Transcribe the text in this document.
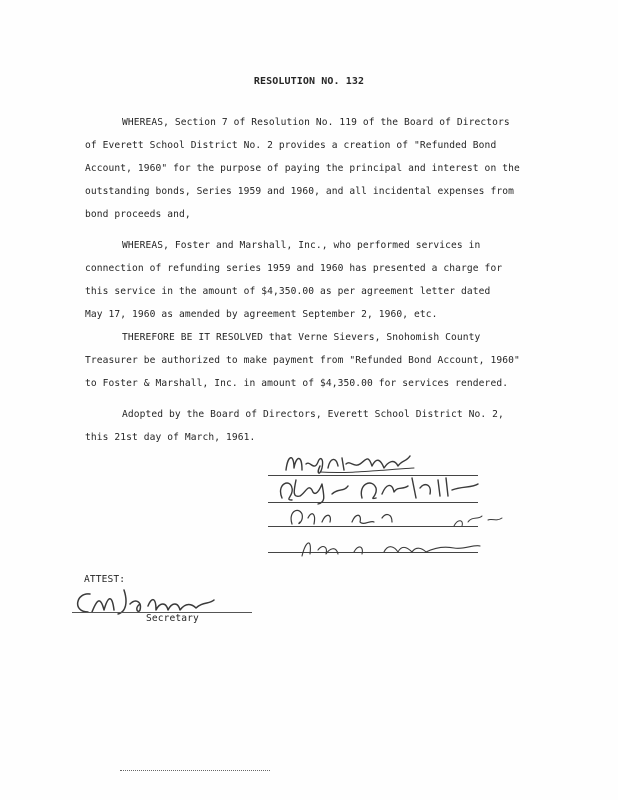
RESOLUTION NO. 132
WHEREAS, Section 7 of Resolution No. 119 of the Board of Directors
of Everett School District No. 2 provides a creation of "Refunded Bond
Account, 1960" for the purpose of paying the principal and interest on the
outstanding bonds, Series 1959 and 1960, and all incidental expenses from
bond proceeds and,
WHEREAS, Foster and Marshall, Inc., who performed services in
connection of refunding series 1959 and 1960 has presented a charge for
this service in the amount of $4,350.00 as per agreement letter dated
May 17, 1960 as amended by agreement September 2, 1960, etc.
THEREFORE BE IT RESOLVED that Verne Sievers, Snohomish County
Treasurer be authorized to make payment from "Refunded Bond Account, 1960"
to Foster & Marshall, Inc. in amount of $4,350.00 for services rendered.
Adopted by the Board of Directors, Everett School District No. 2,
this 21st day of March, 1961.
ATTEST:
Secretary
